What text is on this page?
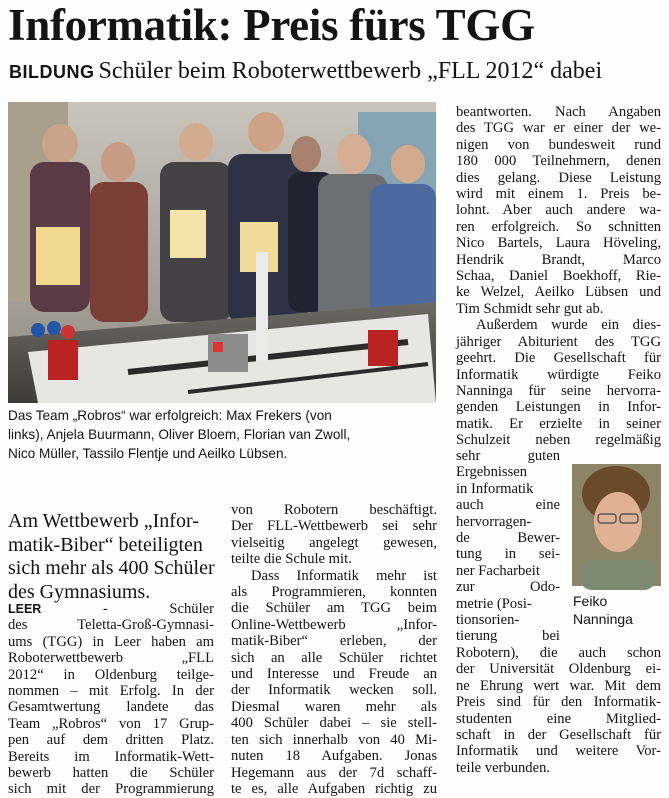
Informatik: Preis fürs TGG
BILDUNG Schüler beim Roboterwettbewerb „FLL 2012“ dabei
Das Team „Robros“ war erfolgreich: Max Frekers (von
links), Anjela Buurmann, Oliver Bloem, Florian van Zwoll,
Nico Müller, Tassilo Flentje und Aeilko Lübsen.
Am Wettbewerb „Infor-
matik-Biber“ beteiligten
sich mehr als 400 Schüler
des Gymnasiums.
LEER	- Schüler
des Teletta-Groß-Gymnasi-
ums (TGG) in Leer haben am
Roboterwettbewerb „FLL
2012“ in Oldenburg teilge-
nommen – mit Erfolg. In der
Gesamtwertung landete das
Team „Robros“ von 17 Grup-
pen auf dem dritten Platz.
Bereits im Informatik-Wett-
bewerb hatten die Schüler
sich mit der Programmierung
von Robotern beschäftigt.
Der FLL-Wettbewerb sei sehr
vielseitig angelegt gewesen,
teilte die Schule mit.
Dass Informatik mehr ist
als Programmieren, konnten
die Schüler am TGG beim
Online-Wettbewerb „Infor-
matik-Biber“ erleben, der
sich an alle Schüler richtet
und Interesse und Freude an
der Informatik wecken soll.
Diesmal waren mehr als
400 Schüler dabei – sie stell-
ten sich innerhalb von 40 Mi-
nuten 18 Aufgaben. Jonas
Hegemann aus der 7d schaff-
te es, alle Aufgaben richtig zu
beantworten. Nach Angaben
des TGG war er einer der we-
nigen von bundesweit rund
180 000 Teilnehmern, denen
dies gelang. Diese Leistung
wird mit einem 1. Preis be-
lohnt. Aber auch andere wa-
ren erfolgreich. So schnitten
Nico Bartels, Laura Höveling,
Hendrik Brandt, Marco
Schaa, Daniel Boekhoff, Rie-
ke Welzel, Aeilko Lübsen und
Tim Schmidt sehr gut ab.
Außerdem wurde ein dies-
jähriger Abiturient des TGG
geehrt. Die Gesellschaft für
Informatik würdigte Feiko
Nanninga für seine hervorra-
genden Leistungen in Infor-
matik. Er erzielte in seiner
Schulzeit neben regelmäßig
sehr guten
Ergebnissen
in Informatik
auch eine
hervorragen-
de Bewer-
tung in sei-
ner Facharbeit
zur Odo-
metrie (Posi-
tionsorien-
tierung bei
Robotern), die auch schon
der Universität Oldenburg ei-
ne Ehrung wert war. Mit dem
Preis sind für den Informatik-
studenten eine Mitglied-
schaft in der Gesellschaft für
Informatik und weitere Vor-
teile verbunden.
Feiko
Nanninga
